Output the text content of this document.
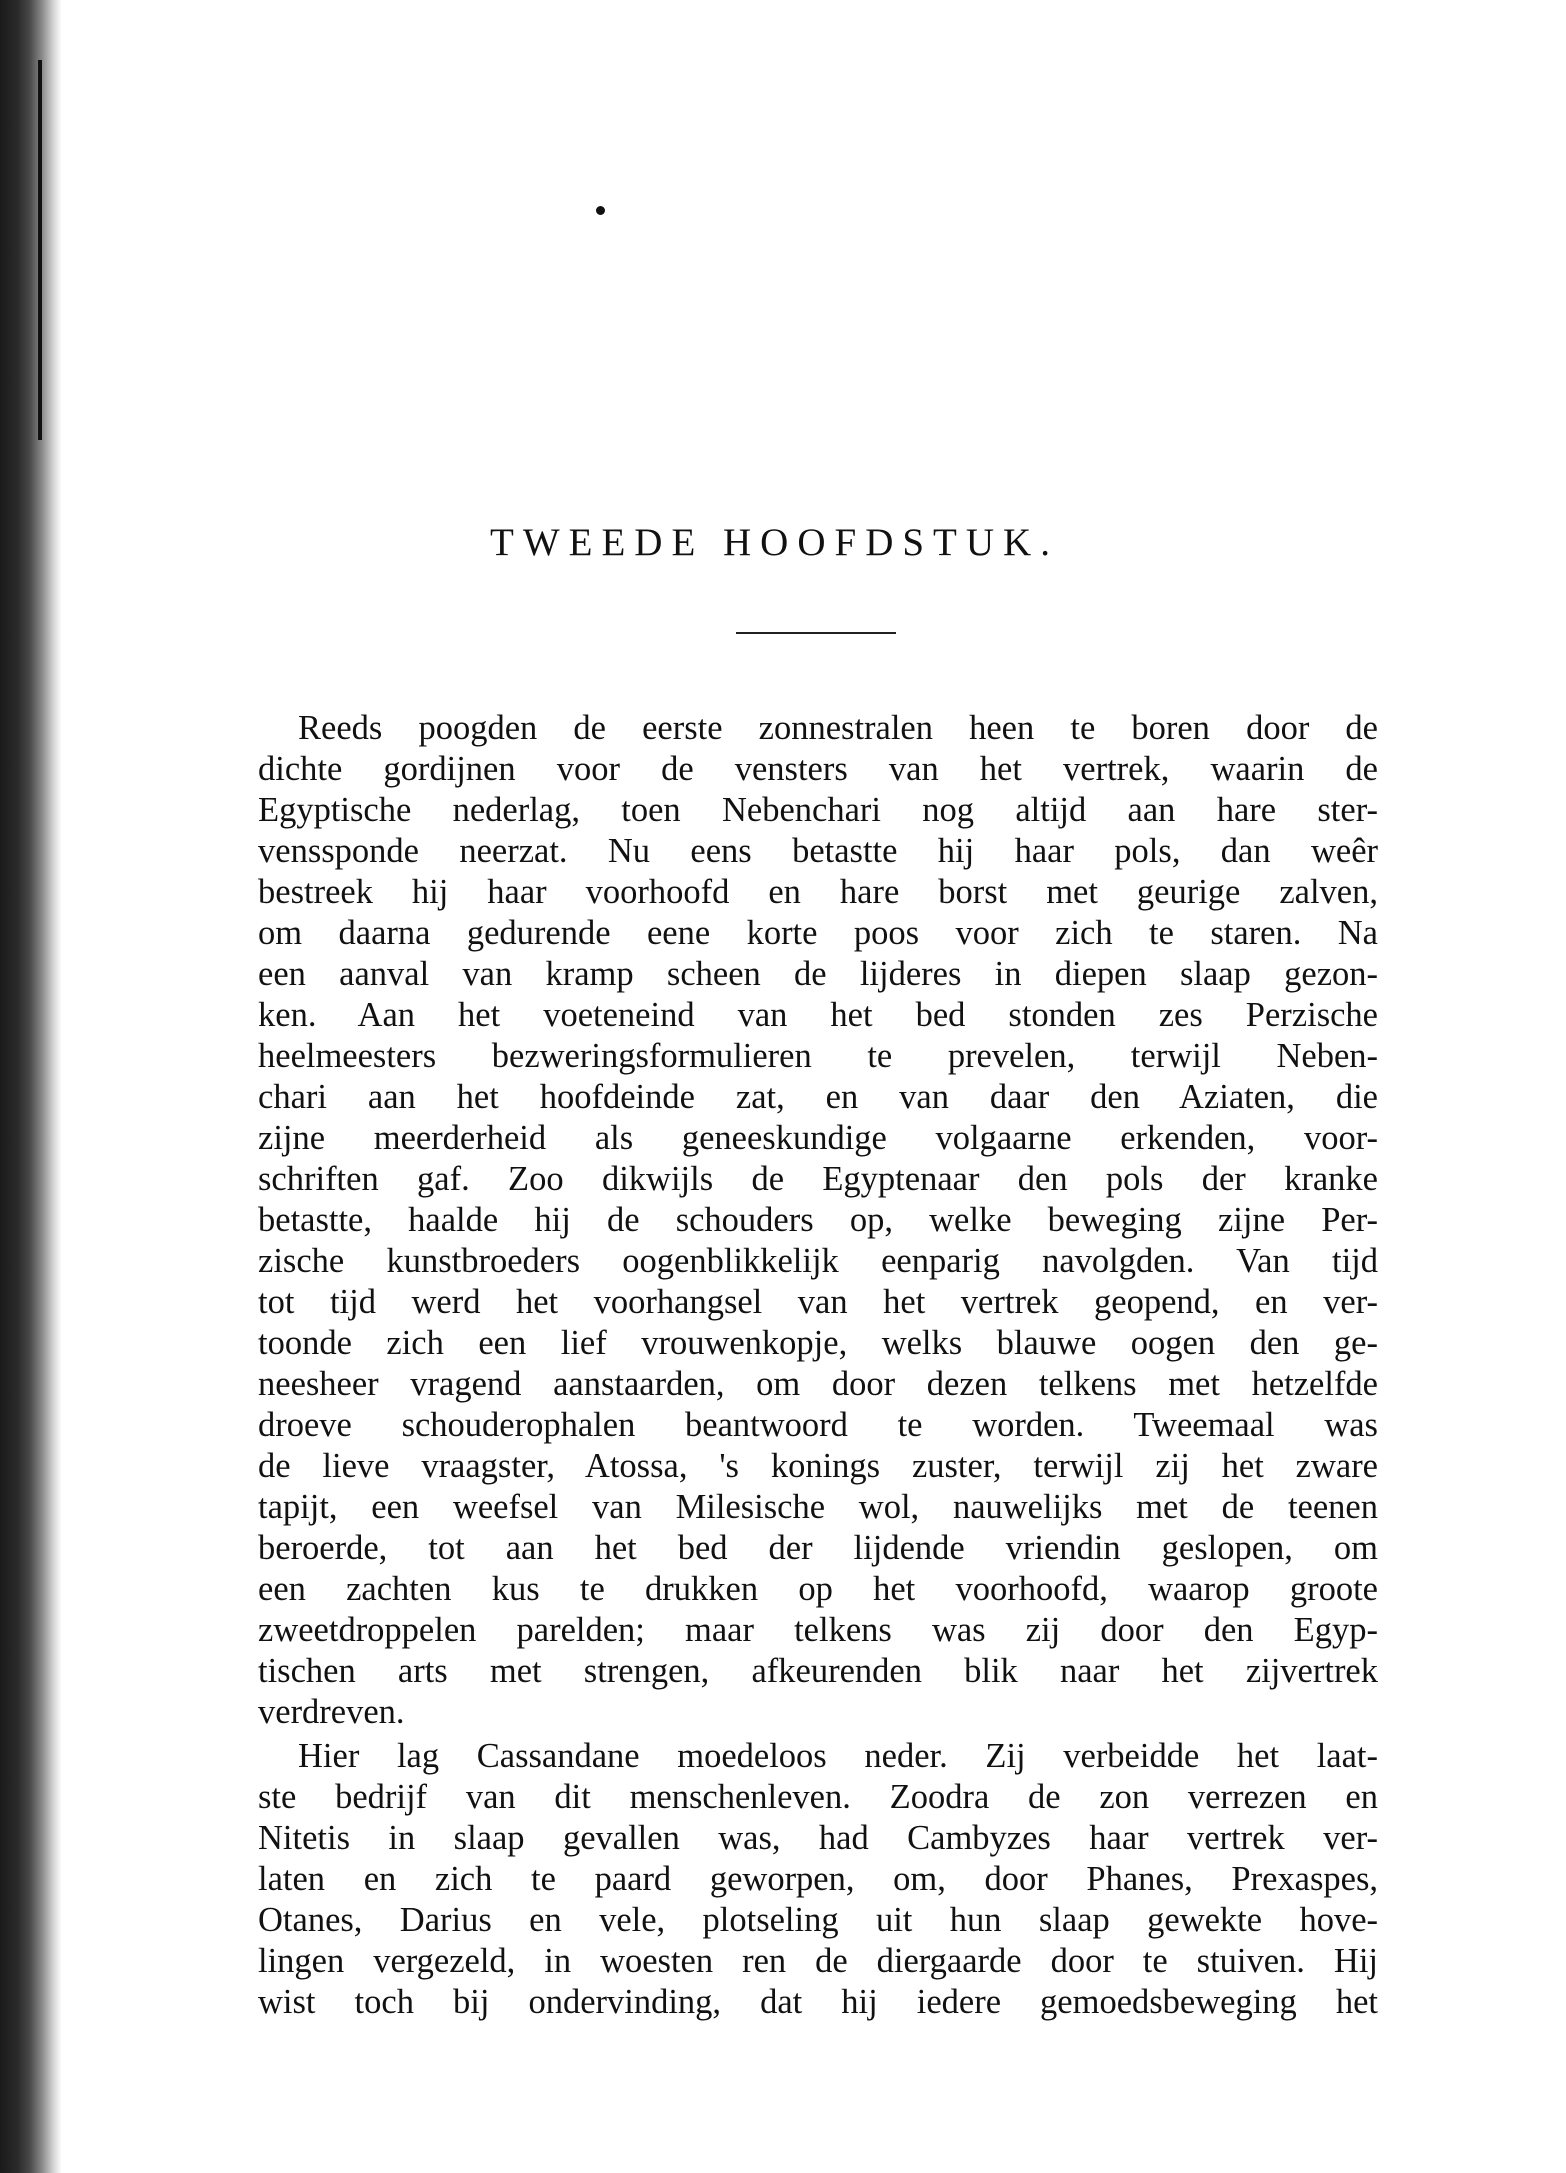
TWEEDE HOOFDSTUK.
Reeds poogden de eerste zonnestralen heen te boren door de
dichte gordijnen voor de vensters van het vertrek, waarin de
Egyptische nederlag, toen Nebenchari nog altijd aan hare ster-
venssponde neerzat. Nu eens betastte hij haar pols, dan weêr
bestreek hij haar voorhoofd en hare borst met geurige zalven,
om daarna gedurende eene korte poos voor zich te staren. Na
een aanval van kramp scheen de lijderes in diepen slaap gezon-
ken. Aan het voeteneind van het bed stonden zes Perzische
heelmeesters bezweringsformulieren te prevelen, terwijl Neben-
chari aan het hoofdeinde zat, en van daar den Aziaten, die
zijne meerderheid als geneeskundige volgaarne erkenden, voor-
schriften gaf. Zoo dikwijls de Egyptenaar den pols der kranke
betastte, haalde hij de schouders op, welke beweging zijne Per-
zische kunstbroeders oogenblikkelijk eenparig navolgden. Van tijd
tot tijd werd het voorhangsel van het vertrek geopend, en ver-
toonde zich een lief vrouwenkopje, welks blauwe oogen den ge-
neesheer vragend aanstaarden, om door dezen telkens met hetzelfde
droeve schouderophalen beantwoord te worden. Tweemaal was
de lieve vraagster, Atossa, 's konings zuster, terwijl zij het zware
tapijt, een weefsel van Milesische wol, nauwelijks met de teenen
beroerde, tot aan het bed der lijdende vriendin geslopen, om
een zachten kus te drukken op het voorhoofd, waarop groote
zweetdroppelen parelden; maar telkens was zij door den Egyp-
tischen arts met strengen, afkeurenden blik naar het zijvertrek
verdreven.
Hier lag Cassandane moedeloos neder. Zij verbeidde het laat-
ste bedrijf van dit menschenleven. Zoodra de zon verrezen en
Nitetis in slaap gevallen was, had Cambyzes haar vertrek ver-
laten en zich te paard geworpen, om, door Phanes, Prexaspes,
Otanes, Darius en vele, plotseling uit hun slaap gewekte hove-
lingen vergezeld, in woesten ren de diergaarde door te stuiven. Hij
wist toch bij ondervinding, dat hij iedere gemoedsbeweging het
